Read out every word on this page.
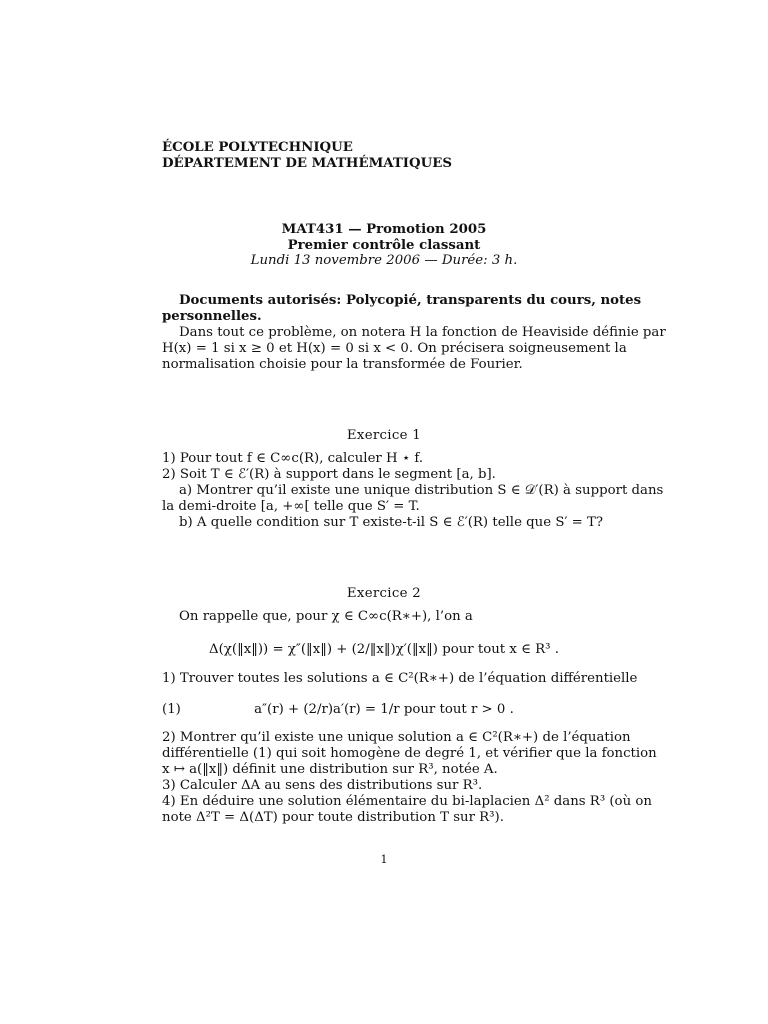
ÉCOLE POLYTECHNIQUE
DÉPARTEMENT DE MATHÉMATIQUES
MAT431 — Promotion 2005
Premier contrôle classant
Lundi 13 novembre 2006 — Durée: 3 h.
Documents autorisés: Polycopié, transparents du cours, notes
personnelles.
Dans tout ce problème, on notera H la fonction de Heaviside définie par
H(x) = 1 si x ≥ 0 et H(x) = 0 si x < 0. On précisera soigneusement la
normalisation choisie pour la transformée de Fourier.
Exercice 1
1) Pour tout f ∈ C∞c(R), calculer H ⋆ f.
2) Soit T ∈ ℰ′(R) à support dans le segment [a, b].
a) Montrer qu’il existe une unique distribution S ∈ 𝒟′(R) à support dans
la demi-droite [a, +∞[ telle que S′ = T.
b) A quelle condition sur T existe-t-il S ∈ ℰ′(R) telle que S′ = T?
Exercice 2
On rappelle que, pour χ ∈ C∞c(R∗+), l’on a
Δ(χ(‖x‖)) = χ″(‖x‖) + (2/‖x‖)χ′(‖x‖) pour tout x ∈ R³ .
1) Trouver toutes les solutions a ∈ C²(R∗+) de l’équation différentielle
(1)	a″(r) + (2/r)a′(r) = 1/r pour tout r > 0 .
2) Montrer qu’il existe une unique solution a ∈ C²(R∗+) de l’équation
différentielle (1) qui soit homogène de degré 1, et vérifier que la fonction
x ↦ a(‖x‖) définit une distribution sur R³, notée A.
3) Calculer ΔA au sens des distributions sur R³.
4) En déduire une solution élémentaire du bi-laplacien Δ² dans R³ (où on
note Δ²T = Δ(ΔT) pour toute distribution T sur R³).
1
